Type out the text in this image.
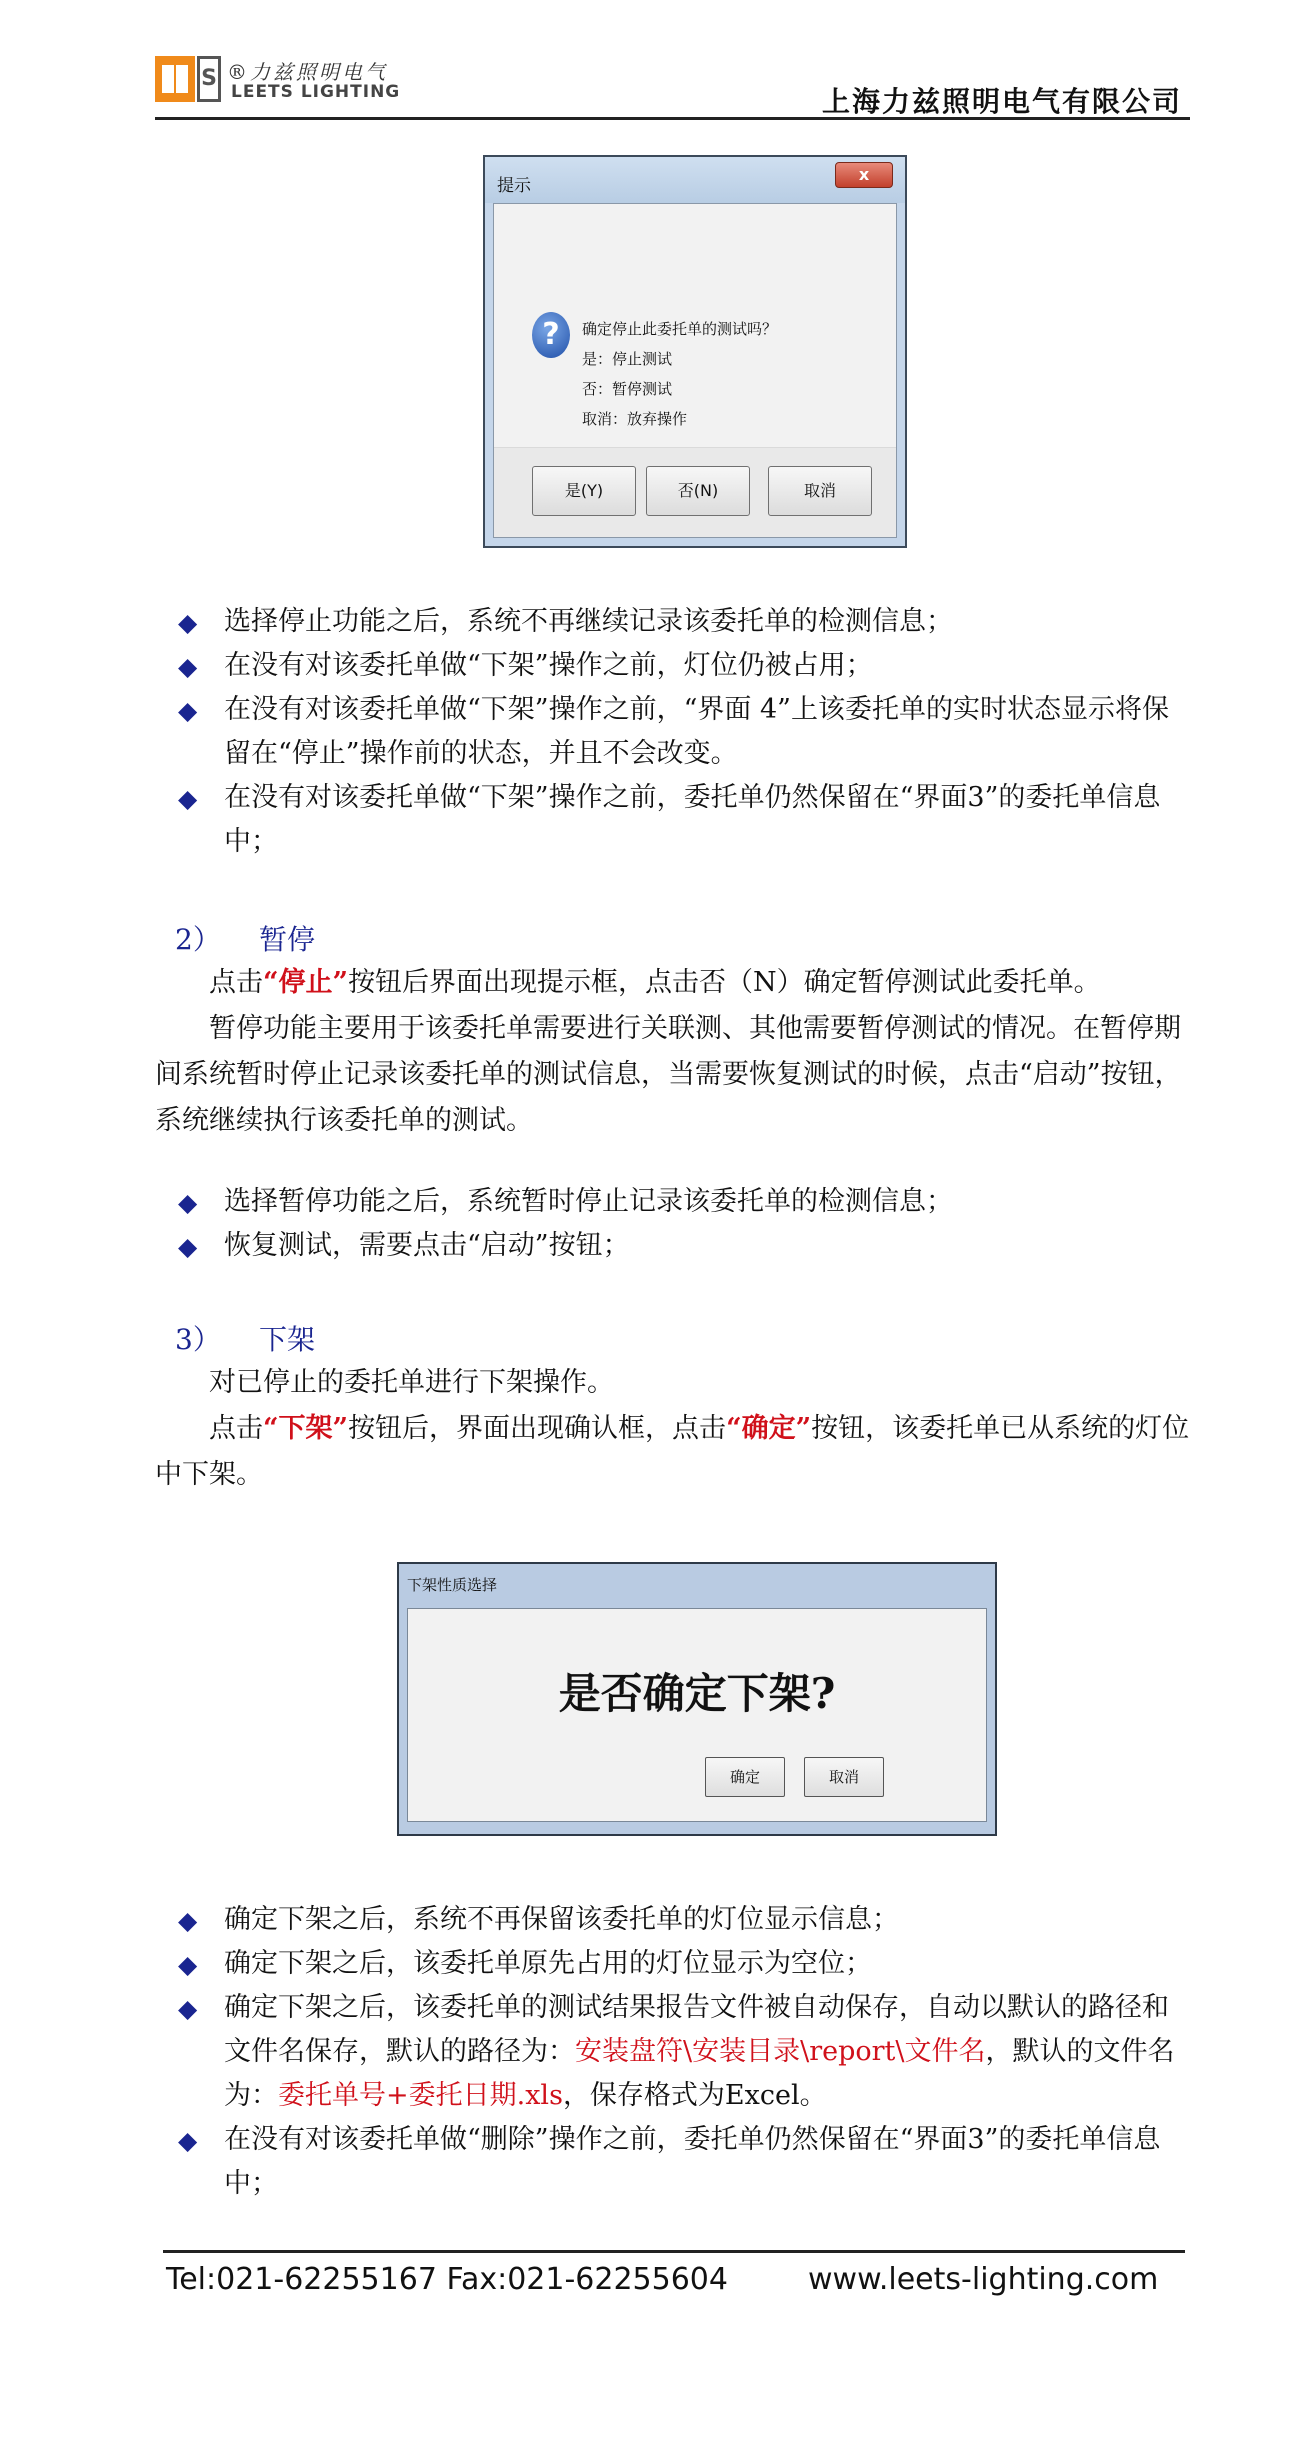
S ®力兹照明电气
LEETS LIGHTING	上海力兹照明电气有限公司
提示
x
?	确定停止此委托单的测试吗？
是：停止测试
否：暂停测试
取消：放弃操作
是(Y)	否(N)	取消
◆ 选择停止功能之后，系统不再继续记录该委托单的检测信息；
◆ 在没有对该委托单做“下架”操作之前，灯位仍被占用；
◆ 在没有对该委托单做“下架”操作之前，“界面 4”上该委托单的实时状态显示将保留在“停止”操作前的状态，并且不会改变。
◆ 在没有对该委托单做“下架”操作之前，委托单仍然保留在“界面3”的委托单信息中；
2） 暂停
点击“停止”按钮后界面出现提示框，点击否（N）确定暂停测试此委托单。
暂停功能主要用于该委托单需要进行关联测、其他需要暂停测试的情况。在暂停期间系统暂时停止记录该委托单的测试信息，当需要恢复测试的时候，点击“启动”按钮，系统继续执行该委托单的测试。
◆ 选择暂停功能之后，系统暂时停止记录该委托单的检测信息；
◆ 恢复测试，需要点击“启动”按钮；
3） 下架
对已停止的委托单进行下架操作。
点击“下架”按钮后，界面出现确认框，点击“确定”按钮，该委托单已从系统的灯位中下架。
下架性质选择
是否确定下架?
确定	取消
◆ 确定下架之后，系统不再保留该委托单的灯位显示信息；
◆ 确定下架之后，该委托单原先占用的灯位显示为空位；
◆ 确定下架之后，该委托单的测试结果报告文件被自动保存，自动以默认的路径和文件名保存，默认的路径为：安装盘符\安装目录\report\文件名，默认的文件名为：委托单号+委托日期.xls，保存格式为Excel。
◆ 在没有对该委托单做“删除”操作之前，委托单仍然保留在“界面3”的委托单信息中；
Tel:021-62255167 Fax:021-62255604	www.leets-lighting.com
